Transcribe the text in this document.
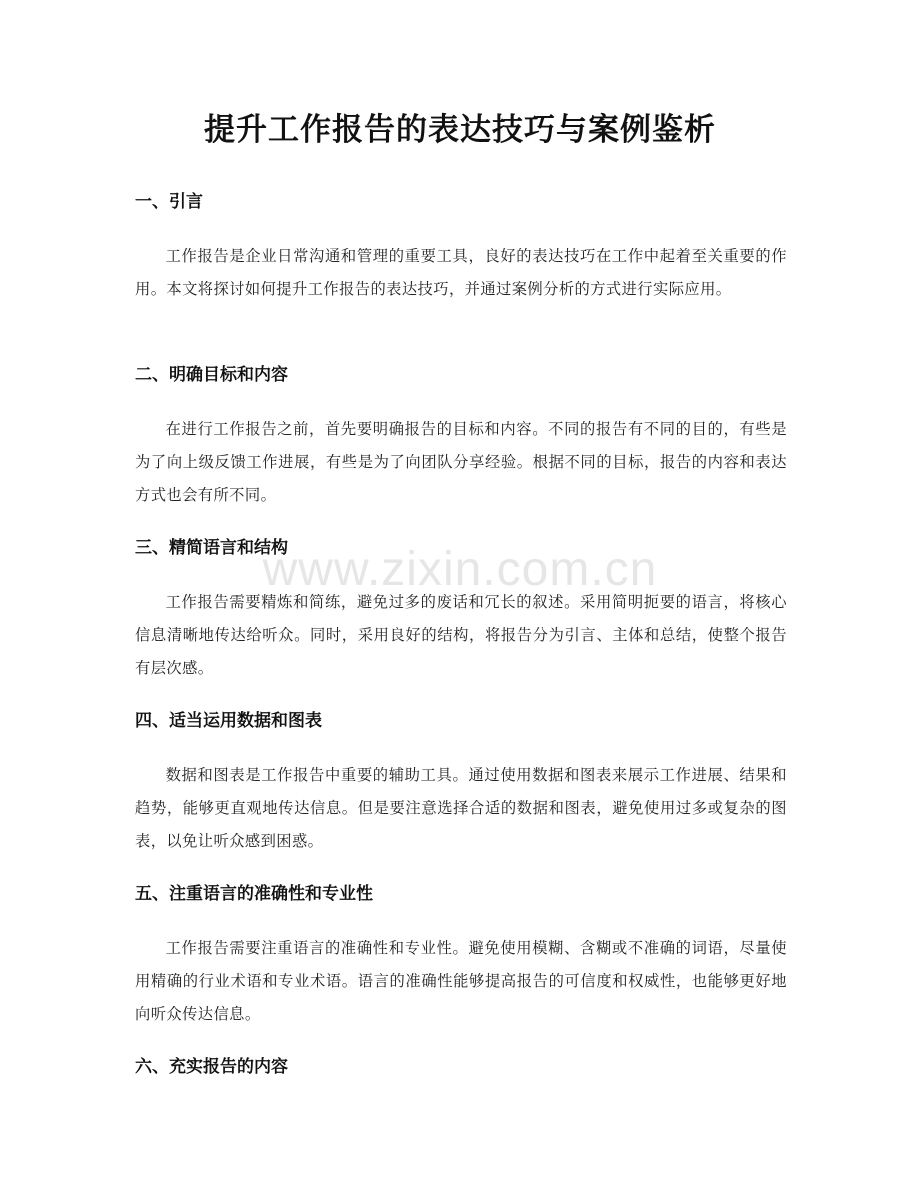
提升工作报告的表达技巧与案例鉴析
一、引言

工作报告是企业日常沟通和管理的重要工具，良好的表达技巧在工作中起着至关重要的作用。本文将探讨如何提升工作报告的表达技巧，并通过案例分析的方式进行实际应用。

二、明确目标和内容

在进行工作报告之前，首先要明确报告的目标和内容。不同的报告有不同的目的，有些是为了向上级反馈工作进展，有些是为了向团队分享经验。根据不同的目标，报告的内容和表达方式也会有所不同。

三、精简语言和结构

工作报告需要精炼和简练，避免过多的废话和冗长的叙述。采用简明扼要的语言，将核心信息清晰地传达给听众。同时，采用良好的结构，将报告分为引言、主体和总结，使整个报告有层次感。

四、适当运用数据和图表

数据和图表是工作报告中重要的辅助工具。通过使用数据和图表来展示工作进展、结果和趋势，能够更直观地传达信息。但是要注意选择合适的数据和图表，避免使用过多或复杂的图表，以免让听众感到困惑。

五、注重语言的准确性和专业性

工作报告需要注重语言的准确性和专业性。避免使用模糊、含糊或不准确的词语，尽量使用精确的行业术语和专业术语。语言的准确性能够提高报告的可信度和权威性，也能够更好地向听众传达信息。

六、充实报告的内容
www.zixin.com.cn
